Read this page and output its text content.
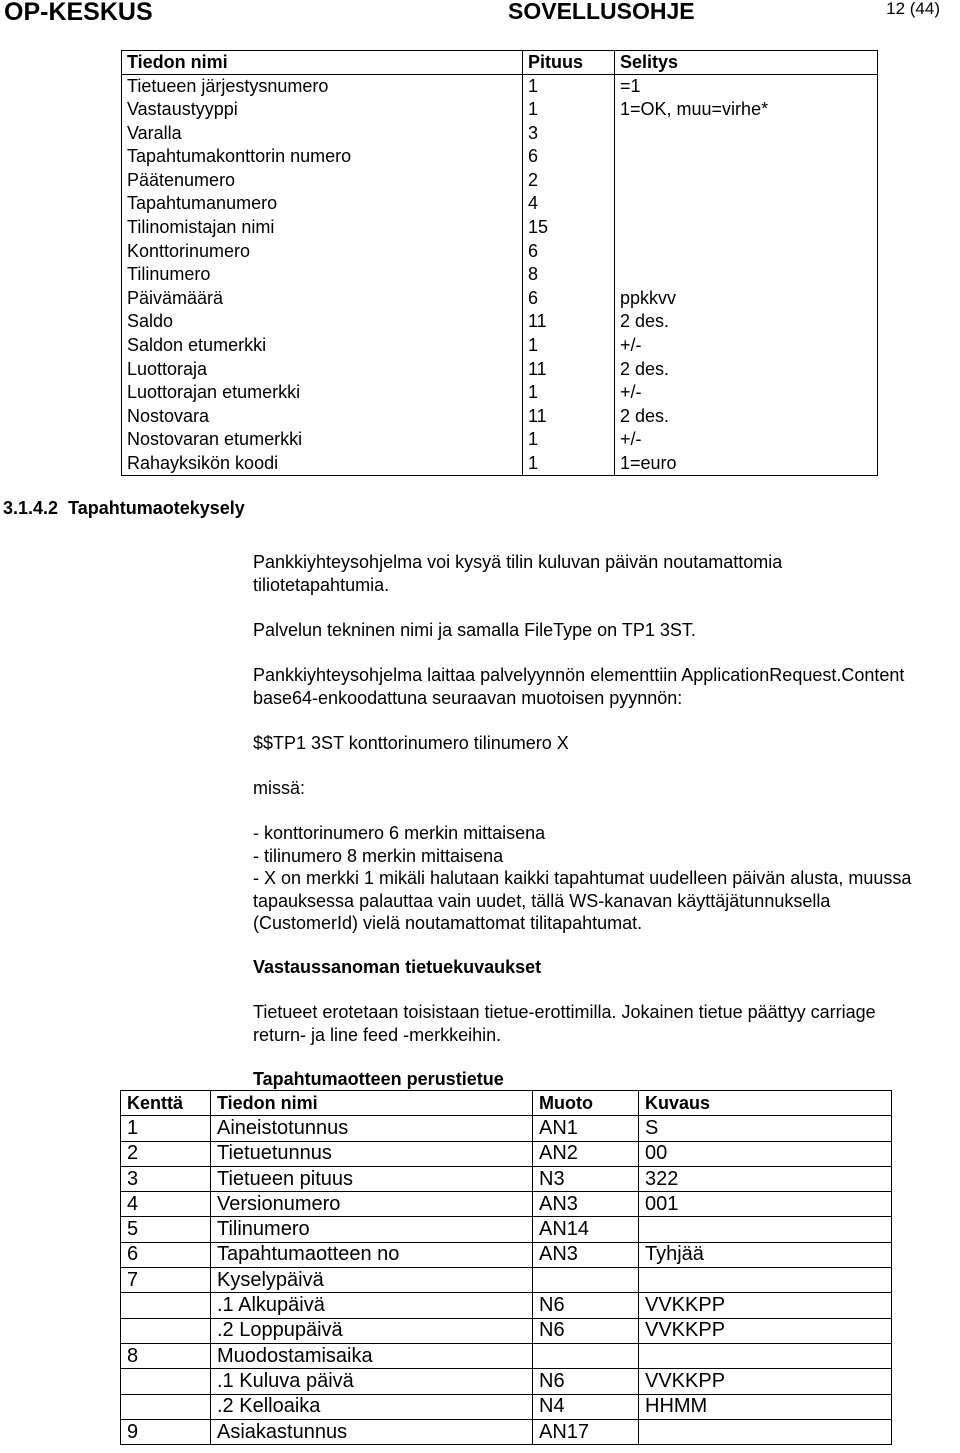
OP-KESKUS	SOVELLUSOHJE	12 (44)
Tiedon nimi	Pituus	Selitys
Tietueen järjestysnumero	1	=1
Vastaustyyppi	1	1=OK, muu=virhe*
Varalla	3	
Tapahtumakonttorin numero	6	
Päätenumero	2	
Tapahtumanumero	4	
Tilinomistajan nimi	15	
Konttorinumero	6	
Tilinumero	8	
Päivämäärä	6	ppkkvv
Saldo	11	2 des.
Saldon etumerkki	1	+/-
Luottoraja	11	2 des.
Luottorajan etumerkki	1	+/-
Nostovara	11	2 des.
Nostovaran etumerkki	1	+/-
Rahayksikön koodi	1	1=euro
3.1.4.2 Tapahtumaotekysely
Pankkiyhteysohjelma voi kysyä tilin kuluvan päivän noutamattomia
tiliotetapahtumia.
Palvelun tekninen nimi ja samalla FileType on TP1 3ST.
Pankkiyhteysohjelma laittaa palvelyynnön elementtiin ApplicationRequest.Content
base64-enkoodattuna seuraavan muotoisen pyynnön:
$$TP1 3ST konttorinumero tilinumero X
missä:
- konttorinumero 6 merkin mittaisena
- tilinumero 8 merkin mittaisena
- X on merkki 1 mikäli halutaan kaikki tapahtumat uudelleen päivän alusta, muussa
tapauksessa palauttaa vain uudet, tällä WS-kanavan käyttäjätunnuksella
(CustomerId) vielä noutamattomat tilitapahtumat.
Vastaussanoman tietuekuvaukset
Tietueet erotetaan toisistaan tietue-erottimilla. Jokainen tietue päättyy carriage
return- ja line feed -merkkeihin.
Tapahtumaotteen perustietue
Kenttä	Tiedon nimi	Muoto	Kuvaus
1	Aineistotunnus	AN1	S
2	Tietuetunnus	AN2	00
3	Tietueen pituus	N3	322
4	Versionumero	AN3	001
5	Tilinumero	AN14	
6	Tapahtumaotteen no	AN3	Tyhjää
7	Kyselypäivä		
	.1 Alkupäivä	N6	VVKKPP
	.2 Loppupäivä	N6	VVKKPP
8	Muodostamisaika		
	.1 Kuluva päivä	N6	VVKKPP
	.2 Kelloaika	N4	HHMM
9	Asiakastunnus	AN17	
